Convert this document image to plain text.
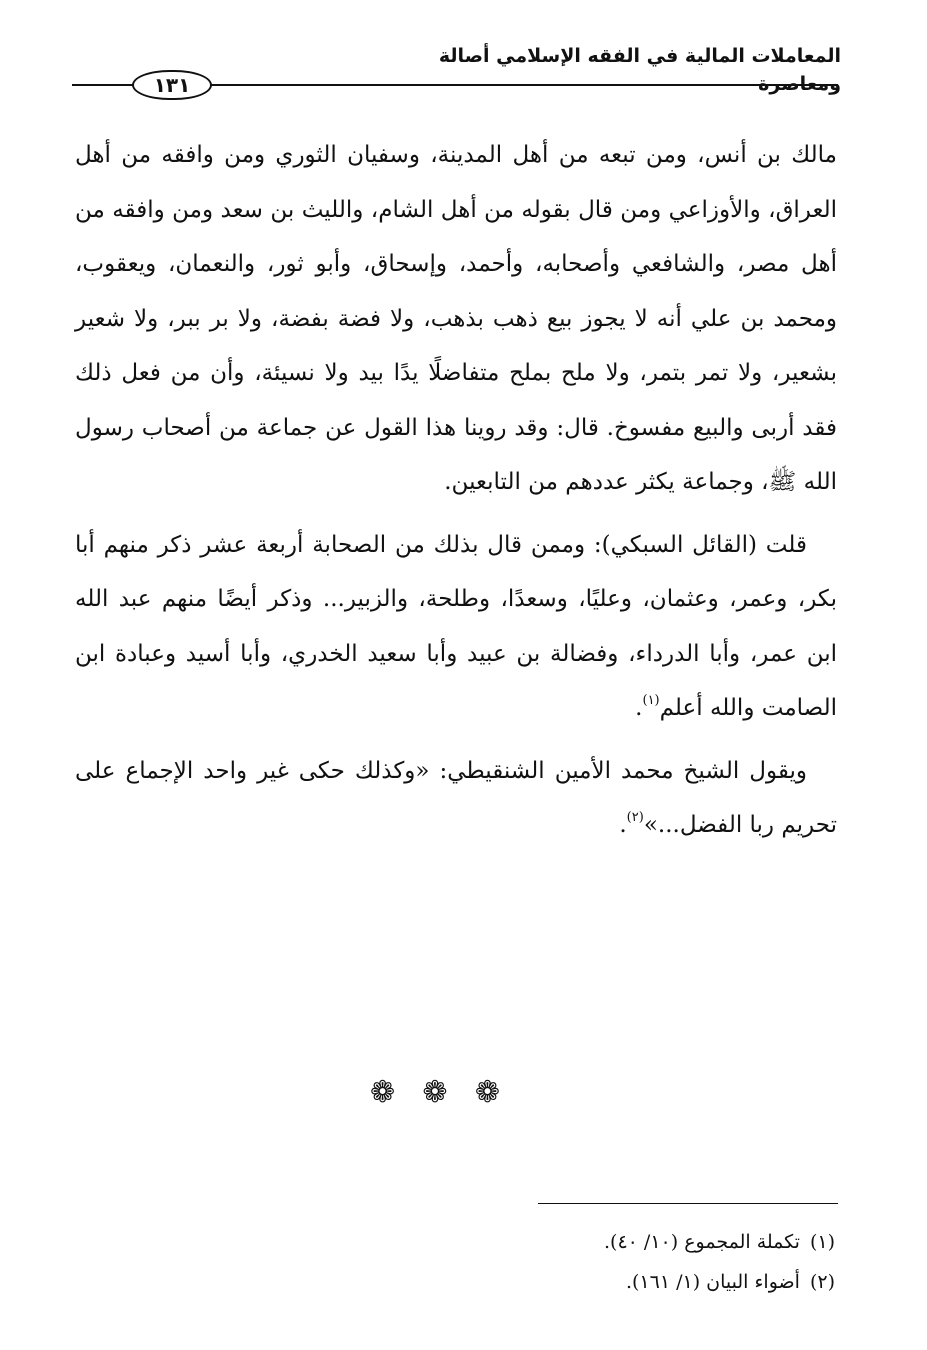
المعاملات المالية في الفقه الإسلامي أصالة ومعاصرة
١٣١

مالك بن أنس، ومن تبعه من أهل المدينة، وسفيان الثوري ومن وافقه من أهل العراق، والأوزاعي ومن قال بقوله من أهل الشام، والليث بن سعد ومن وافقه من أهل مصر، والشافعي وأصحابه، وأحمد، وإسحاق، وأبو ثور، والنعمان، ويعقوب، ومحمد بن علي أنه لا يجوز بيع ذهب بذهب، ولا فضة بفضة، ولا بر ببر، ولا شعير بشعير، ولا تمر بتمر، ولا ملح بملح متفاضلًا يدًا بيد ولا نسيئة، وأن من فعل ذلك فقد أربى والبيع مفسوخ. قال: وقد روينا هذا القول عن جماعة من أصحاب رسول الله ﷺ، وجماعة يكثر عددهم من التابعين.

قلت (القائل السبكي): وممن قال بذلك من الصحابة أربعة عشر ذكر منهم أبا بكر، وعمر، وعثمان، وعليًا، وسعدًا، وطلحة، والزبير... وذكر أيضًا منهم عبد الله ابن عمر، وأبا الدرداء، وفضالة بن عبيد وأبا سعيد الخدري، وأبا أسيد وعبادة ابن الصامت والله أعلم$^{(١)}$.

ويقول الشيخ محمد الأمين الشنقيطي: «وكذلك حكى غير واحد الإجماع على تحريم ربا الفضل...»$^{(٢)}$.

❁ ❁ ❁
(١)تكملة المجموع (١٠/ ٤٠).
(٢)أضواء البيان (١/ ١٦١).
